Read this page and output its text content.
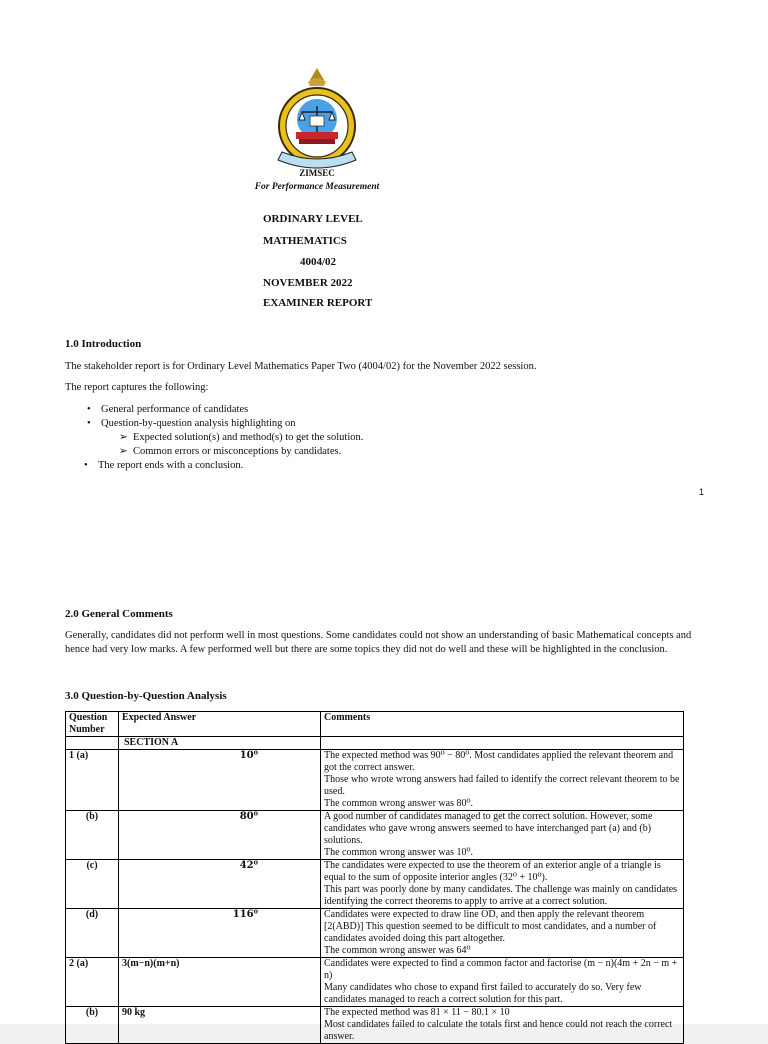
ZIMSEC
For Performance Measurement
ORDINARY LEVEL
MATHEMATICS
4004/02
NOVEMBER 2022
EXAMINER REPORT
1.0 Introduction
The stakeholder report is for Ordinary Level Mathematics Paper Two (4004/02) for the November 2022 session.
The report captures the following:
• General performance of candidates
• Question-by-question analysis highlighting on
➢ Expected solution(s) and method(s) to get the solution.
➢ Common errors or misconceptions by candidates.
• The report ends with a conclusion.
1
2.0 General Comments
Generally, candidates did not perform well in most questions. Some candidates could not show an understanding of basic Mathematical concepts and hence had very low marks. A few performed well but there are some topics they did not do well and these will be highlighted in the conclusion.
3.0 Question-by-Question Analysis
Question Number	Expected Answer	Comments
	SECTION A	
1 (a)	10⁰	The expected method was 90⁰ − 80⁰. Most candidates applied the relevant theorem and got the correct answer.
Those who wrote wrong answers had failed to identify the correct relevant theorem to be used.
The common wrong answer was 80⁰.

(b)	80⁰	A good number of candidates managed to get the correct solution. However, some candidates who gave wrong answers seemed to have interchanged part (a) and (b) solutions.
The common wrong answer was 10⁰.

(c)	42⁰	The candidates were expected to use the theorem of an exterior angle of a triangle is equal to the sum of opposite interior angles (32⁰ + 10⁰).
This part was poorly done by many candidates. The challenge was mainly on candidates identifying the correct theorems to apply to arrive at a correct solution.

(d)	116⁰	Candidates were expected to draw line OD, and then apply the relevant theorem [2(ABD)] This question seemed to be difficult to most candidates, and a number of candidates avoided doing this part altogether.
The common wrong answer was 64⁰

2 (a)	3(m−n)(m+n)	Candidates were expected to find a common factor and factorise (m − n)(4m + 2n − m + n)
Many candidates who chose to expand first failed to accurately do so. Very few candidates managed to reach a correct solution for this part.

(b)	90 kg	The expected method was 81 × 11 − 80.1 × 10
Most candidates failed to calculate the totals first and hence could not reach the correct answer.
